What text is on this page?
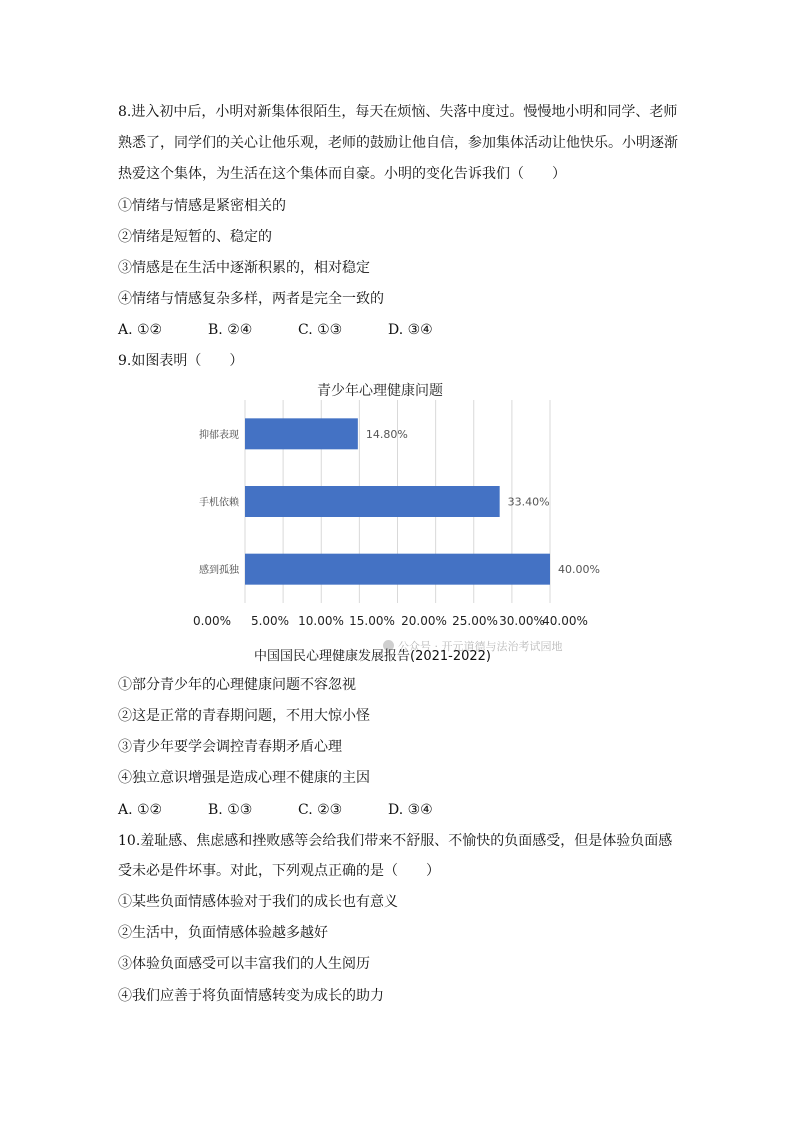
8.进入初中后，小明对新集体很陌生，每天在烦恼、失落中度过。慢慢地小明和同学、老师
熟悉了，同学们的关心让他乐观，老师的鼓励让他自信，参加集体活动让他快乐。小明逐渐
热爱这个集体，为生活在这个集体而自豪。小明的变化告诉我们（　　）
①情绪与情感是紧密相关的
②情绪是短暂的、稳定的
③情感是在生活中逐渐积累的，相对稳定
④情绪与情感复杂多样，两者是完全一致的
A. ①②	B. ②④	C. ①③	D. ③④
9.如图表明（　　）
青少年心理健康问题
0.00% 5.00% 10.00% 15.00% 20.00% 25.00% 30.00%
40.00%
抑郁表现	14.80%
手机依赖	33.40%
感到孤独	40.00%
公众号 · 开元道德与法治考试园地
中国国民心理健康发展报告(2021-2022)
①部分青少年的心理健康问题不容忽视
②这是正常的青春期问题，不用大惊小怪
③青少年要学会调控青春期矛盾心理
④独立意识增强是造成心理不健康的主因
A. ①②	B. ①③	C. ②③	D. ③④
10.羞耻感、焦虑感和挫败感等会给我们带来不舒服、不愉快的负面感受，但是体验负面感
受未必是件坏事。对此，下列观点正确的是（　　）
①某些负面情感体验对于我们的成长也有意义
②生活中，负面情感体验越多越好
③体验负面感受可以丰富我们的人生阅历
④我们应善于将负面情感转变为成长的助力
